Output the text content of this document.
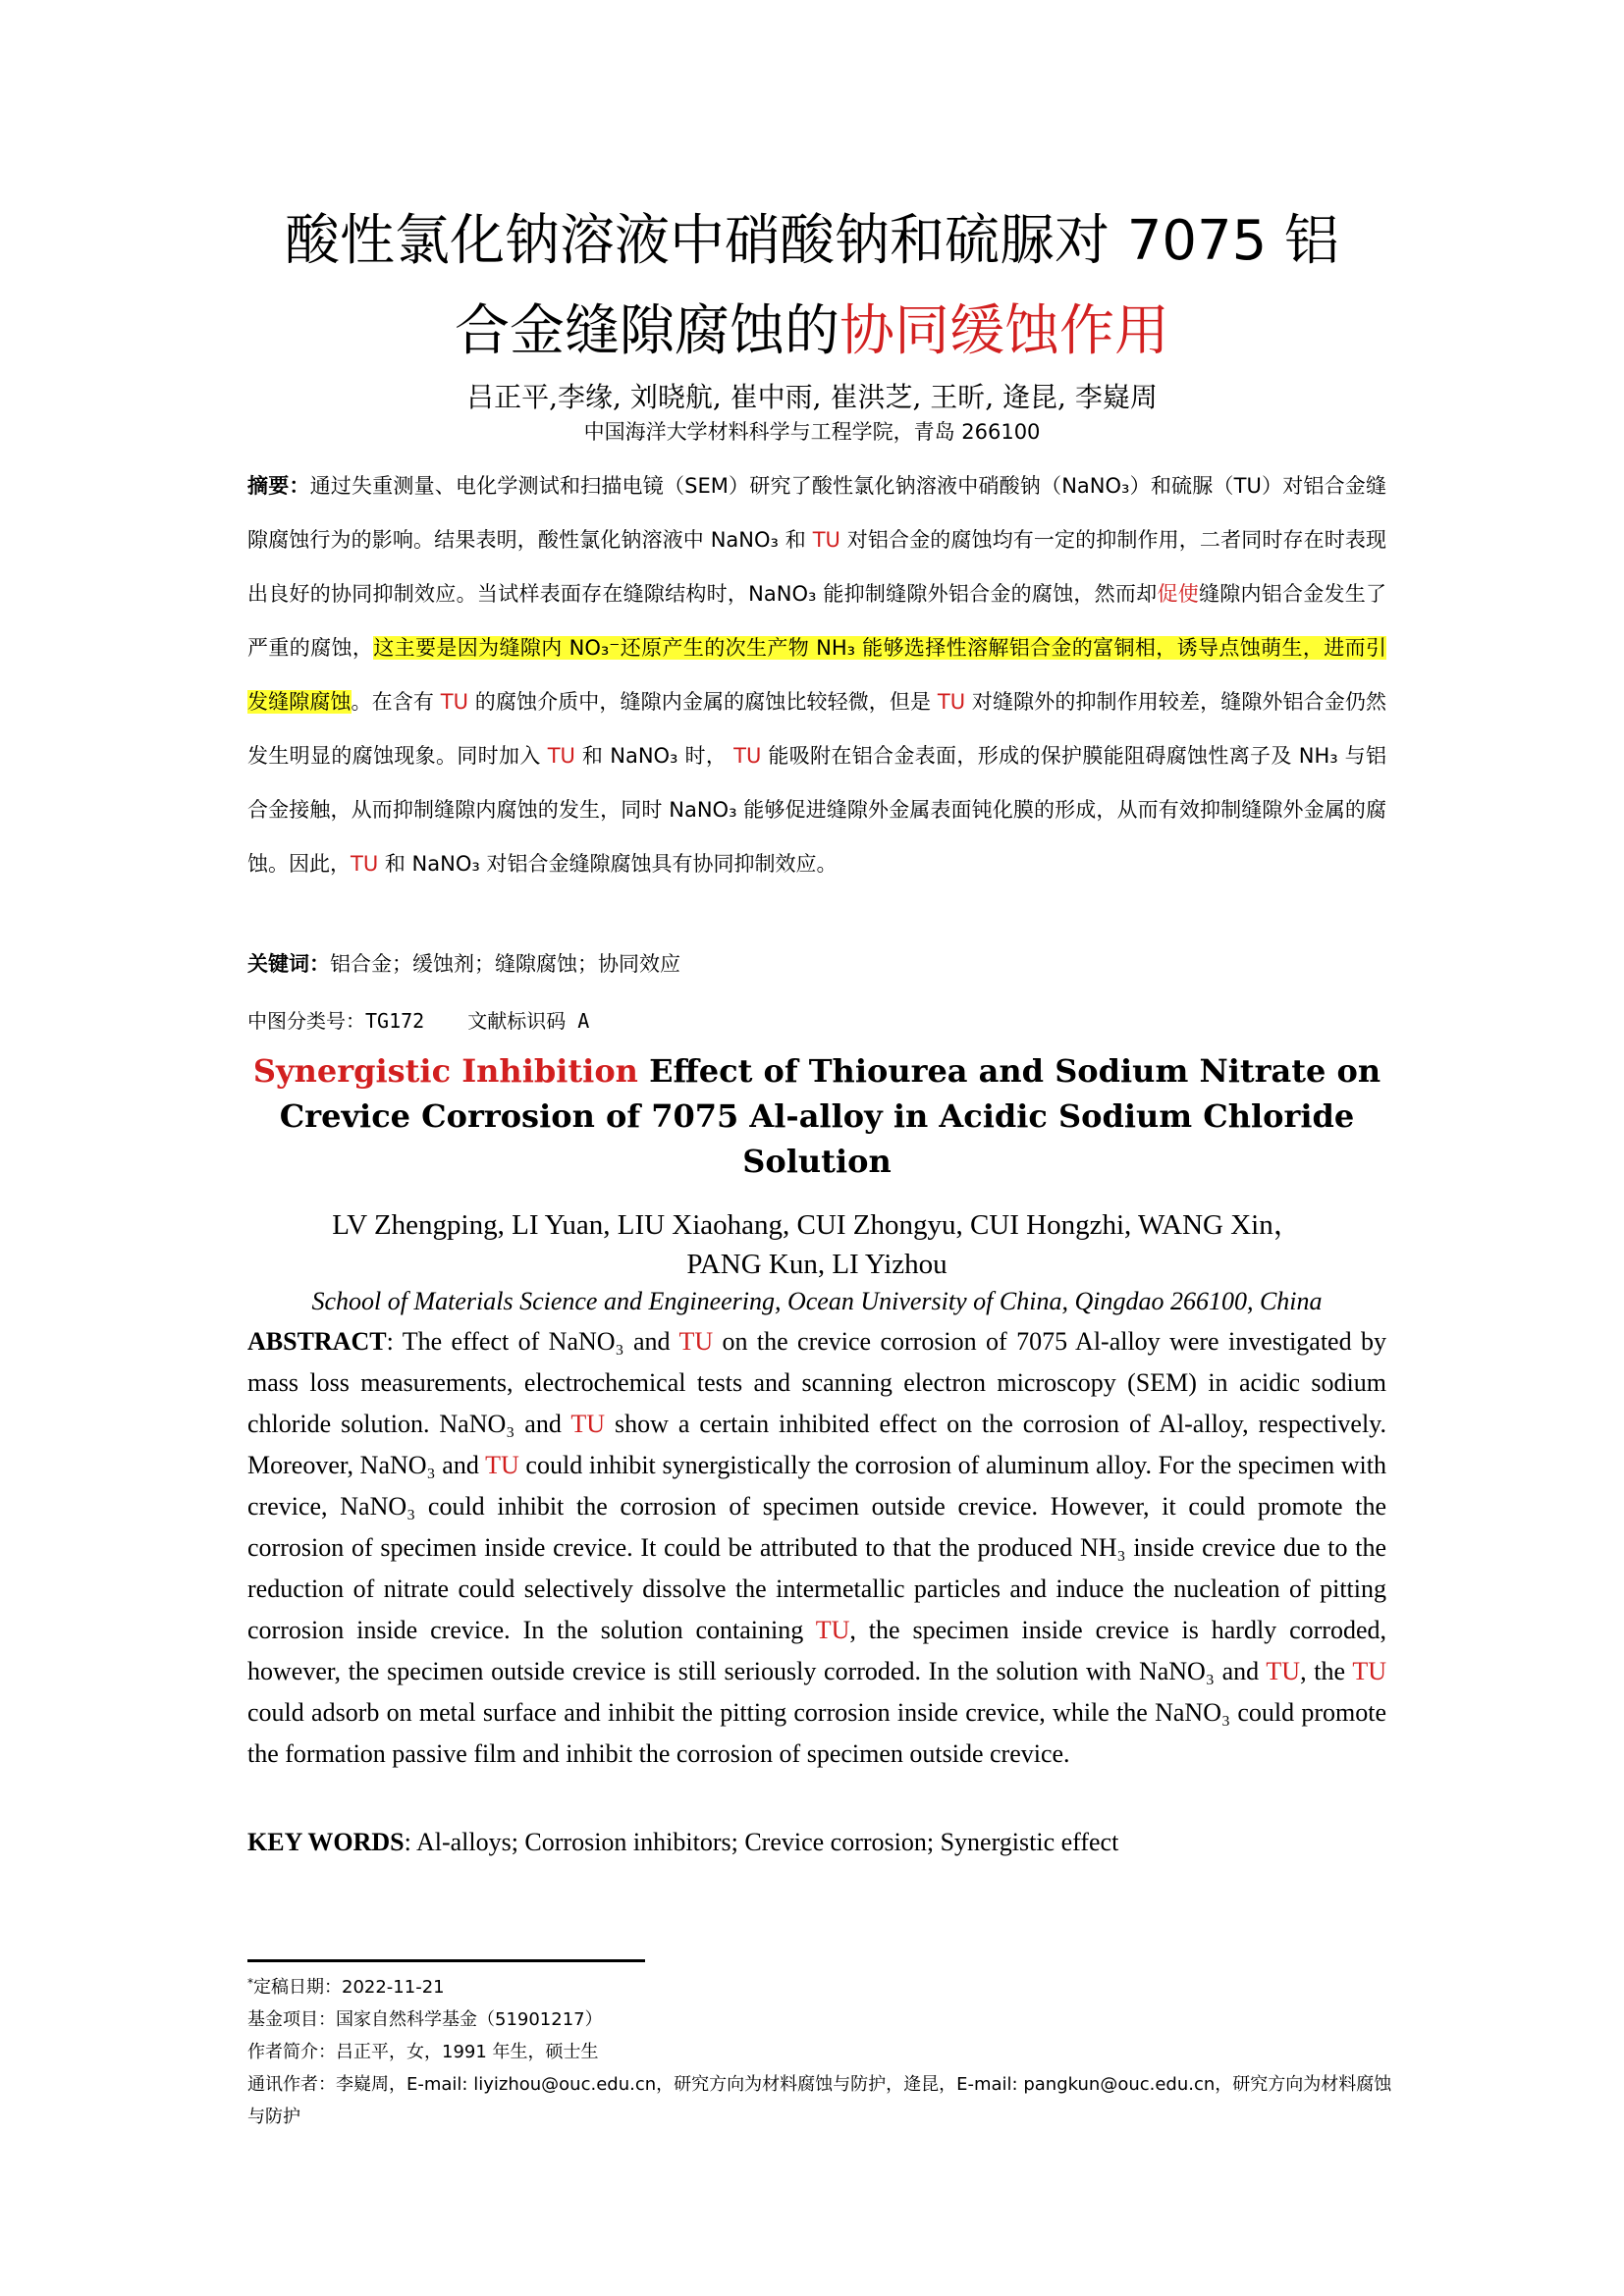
酸性氯化钠溶液中硝酸钠和硫脲对 7075 铝
合金缝隙腐蚀的协同缓蚀作用
吕正平,李缘, 刘晓航, 崔中雨, 崔洪芝, 王昕, 逄昆, 李嶷周
中国海洋大学材料科学与工程学院，青岛 266100

摘要：通过失重测量、电化学测试和扫描电镜（SEM）研究了酸性氯化钠溶液中硝酸钠（NaNO₃）和硫脲（TU）对铝合金缝隙腐蚀行为的影响。结果表明，酸性氯化钠溶液中 NaNO₃ 和 TU 对铝合金的腐蚀均有一定的抑制作用，二者同时存在时表现出良好的协同抑制效应。当试样表面存在缝隙结构时，NaNO₃ 能抑制缝隙外铝合金的腐蚀，然而却促使缝隙内铝合金发生了严重的腐蚀，这主要是因为缝隙内 NO₃⁻还原产生的次生产物 NH₃ 能够选择性溶解铝合金的富铜相，诱导点蚀萌生，进而引发缝隙腐蚀。在含有 TU 的腐蚀介质中，缝隙内金属的腐蚀比较轻微，但是 TU 对缝隙外的抑制作用较差，缝隙外铝合金仍然发生明显的腐蚀现象。同时加入 TU 和 NaNO₃ 时， TU 能吸附在铝合金表面，形成的保护膜能阻碍腐蚀性离子及 NH₃ 与铝合金接触，从而抑制缝隙内腐蚀的发生，同时 NaNO₃ 能够促进缝隙外金属表面钝化膜的形成，从而有效抑制缝隙外金属的腐蚀。因此，TU 和 NaNO₃ 对铝合金缝隙腐蚀具有协同抑制效应。

关键词：铝合金；缓蚀剂；缝隙腐蚀；协同效应

中图分类号：TG172 文献标识码 A

Synergistic Inhibition Effect of Thiourea and Sodium Nitrate on Crevice Corrosion of 7075 Al-alloy in Acidic Sodium Chloride Solution

LV Zhengping, LI Yuan, LIU Xiaohang, CUI Zhongyu, CUI Hongzhi, WANG Xin，
PANG Kun, LI Yizhou

School of Materials Science and Engineering, Ocean University of China, Qingdao 266100, China

ABSTRACT: The effect of NaNO₃ and TU on the crevice corrosion of 7075 Al-alloy were investigated by mass loss measurements, electrochemical tests and scanning electron microscopy (SEM) in acidic sodium chloride solution. NaNO₃ and TU show a certain inhibited effect on the corrosion of Al-alloy, respectively. Moreover, NaNO₃ and TU could inhibit synergistically the corrosion of aluminum alloy. For the specimen with crevice, NaNO₃ could inhibit the corrosion of specimen outside crevice. However, it could promote the corrosion of specimen inside crevice. It could be attributed to that the produced NH₃ inside crevice due to the reduction of nitrate could selectively dissolve the intermetallic particles and induce the nucleation of pitting corrosion inside crevice. In the solution containing TU, the specimen inside crevice is hardly corroded, however, the specimen outside crevice is still seriously corroded. In the solution with NaNO₃ and TU, the TU could adsorb on metal surface and inhibit the pitting corrosion inside crevice, while the NaNO₃ could promote the formation passive film and inhibit the corrosion of specimen outside crevice.

KEY WORDS: Al-alloys; Corrosion inhibitors; Crevice corrosion; Synergistic effect

*定稿日期：2022-11-21

基金项目：国家自然科学基金（51901217）

作者简介：吕正平，女，1991 年生，硕士生

通讯作者：李嶷周，E-mail: liyizhou@ouc.edu.cn，研究方向为材料腐蚀与防护，逄昆，E-mail: pangkun@ouc.edu.cn，研究方向为材料腐蚀与防护
